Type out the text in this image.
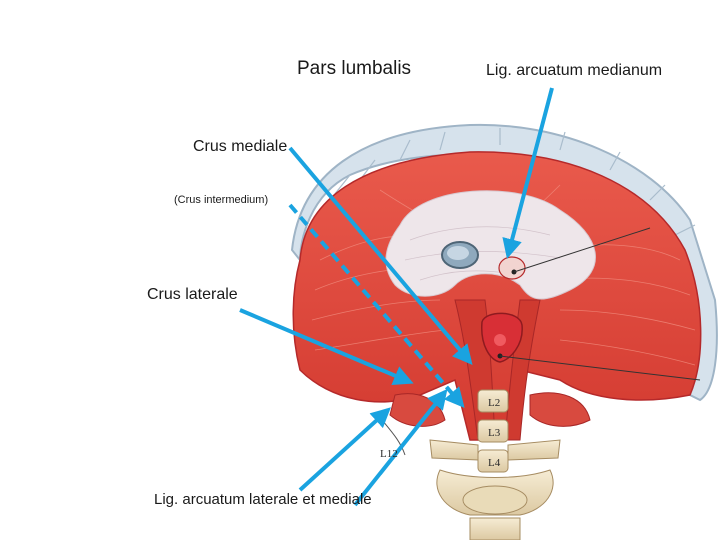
L2
L3
L4
L12
Pars lumbalis	Lig. arcuatum medianum
Crus mediale
(Crus intermedium)
Crus laterale
Lig. arcuatum laterale et mediale
